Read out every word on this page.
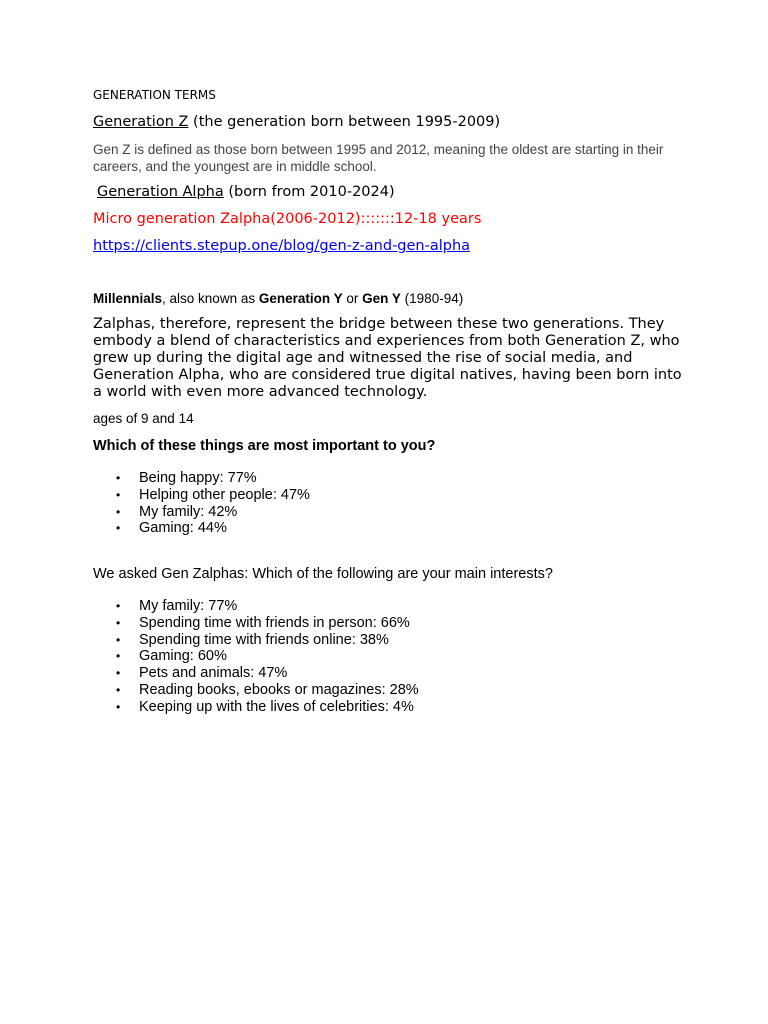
GENERATION TERMS

Generation Z (the generation born between 1995-2009)

Gen Z is defined as those born between 1995 and 2012, meaning the oldest are starting in their careers, and the youngest are in middle school.

Generation Alpha (born from 2010-2024)

Micro generation Zalpha(2006-2012):::::::12-18 years

https://clients.stepup.one/blog/gen-z-and-gen-alpha

Millennials, also known as Generation Y or Gen Y (1980-94)

Zalphas, therefore, represent the bridge between these two generations. They embody a blend of characteristics and experiences from both Generation Z, who grew up during the digital age and witnessed the rise of social media, and Generation Alpha, who are considered true digital natives, having been born into a world with even more advanced technology.

ages of 9 and 14

Which of these things are most important to you?

• Being happy: 77%
• Helping other people: 47%
• My family: 42%
• Gaming: 44%

We asked Gen Zalphas: Which of the following are your main interests?

• My family: 77%
• Spending time with friends in person: 66%
• Spending time with friends online: 38%
• Gaming: 60%
• Pets and animals: 47%
• Reading books, ebooks or magazines: 28%
• Keeping up with the lives of celebrities: 4%
